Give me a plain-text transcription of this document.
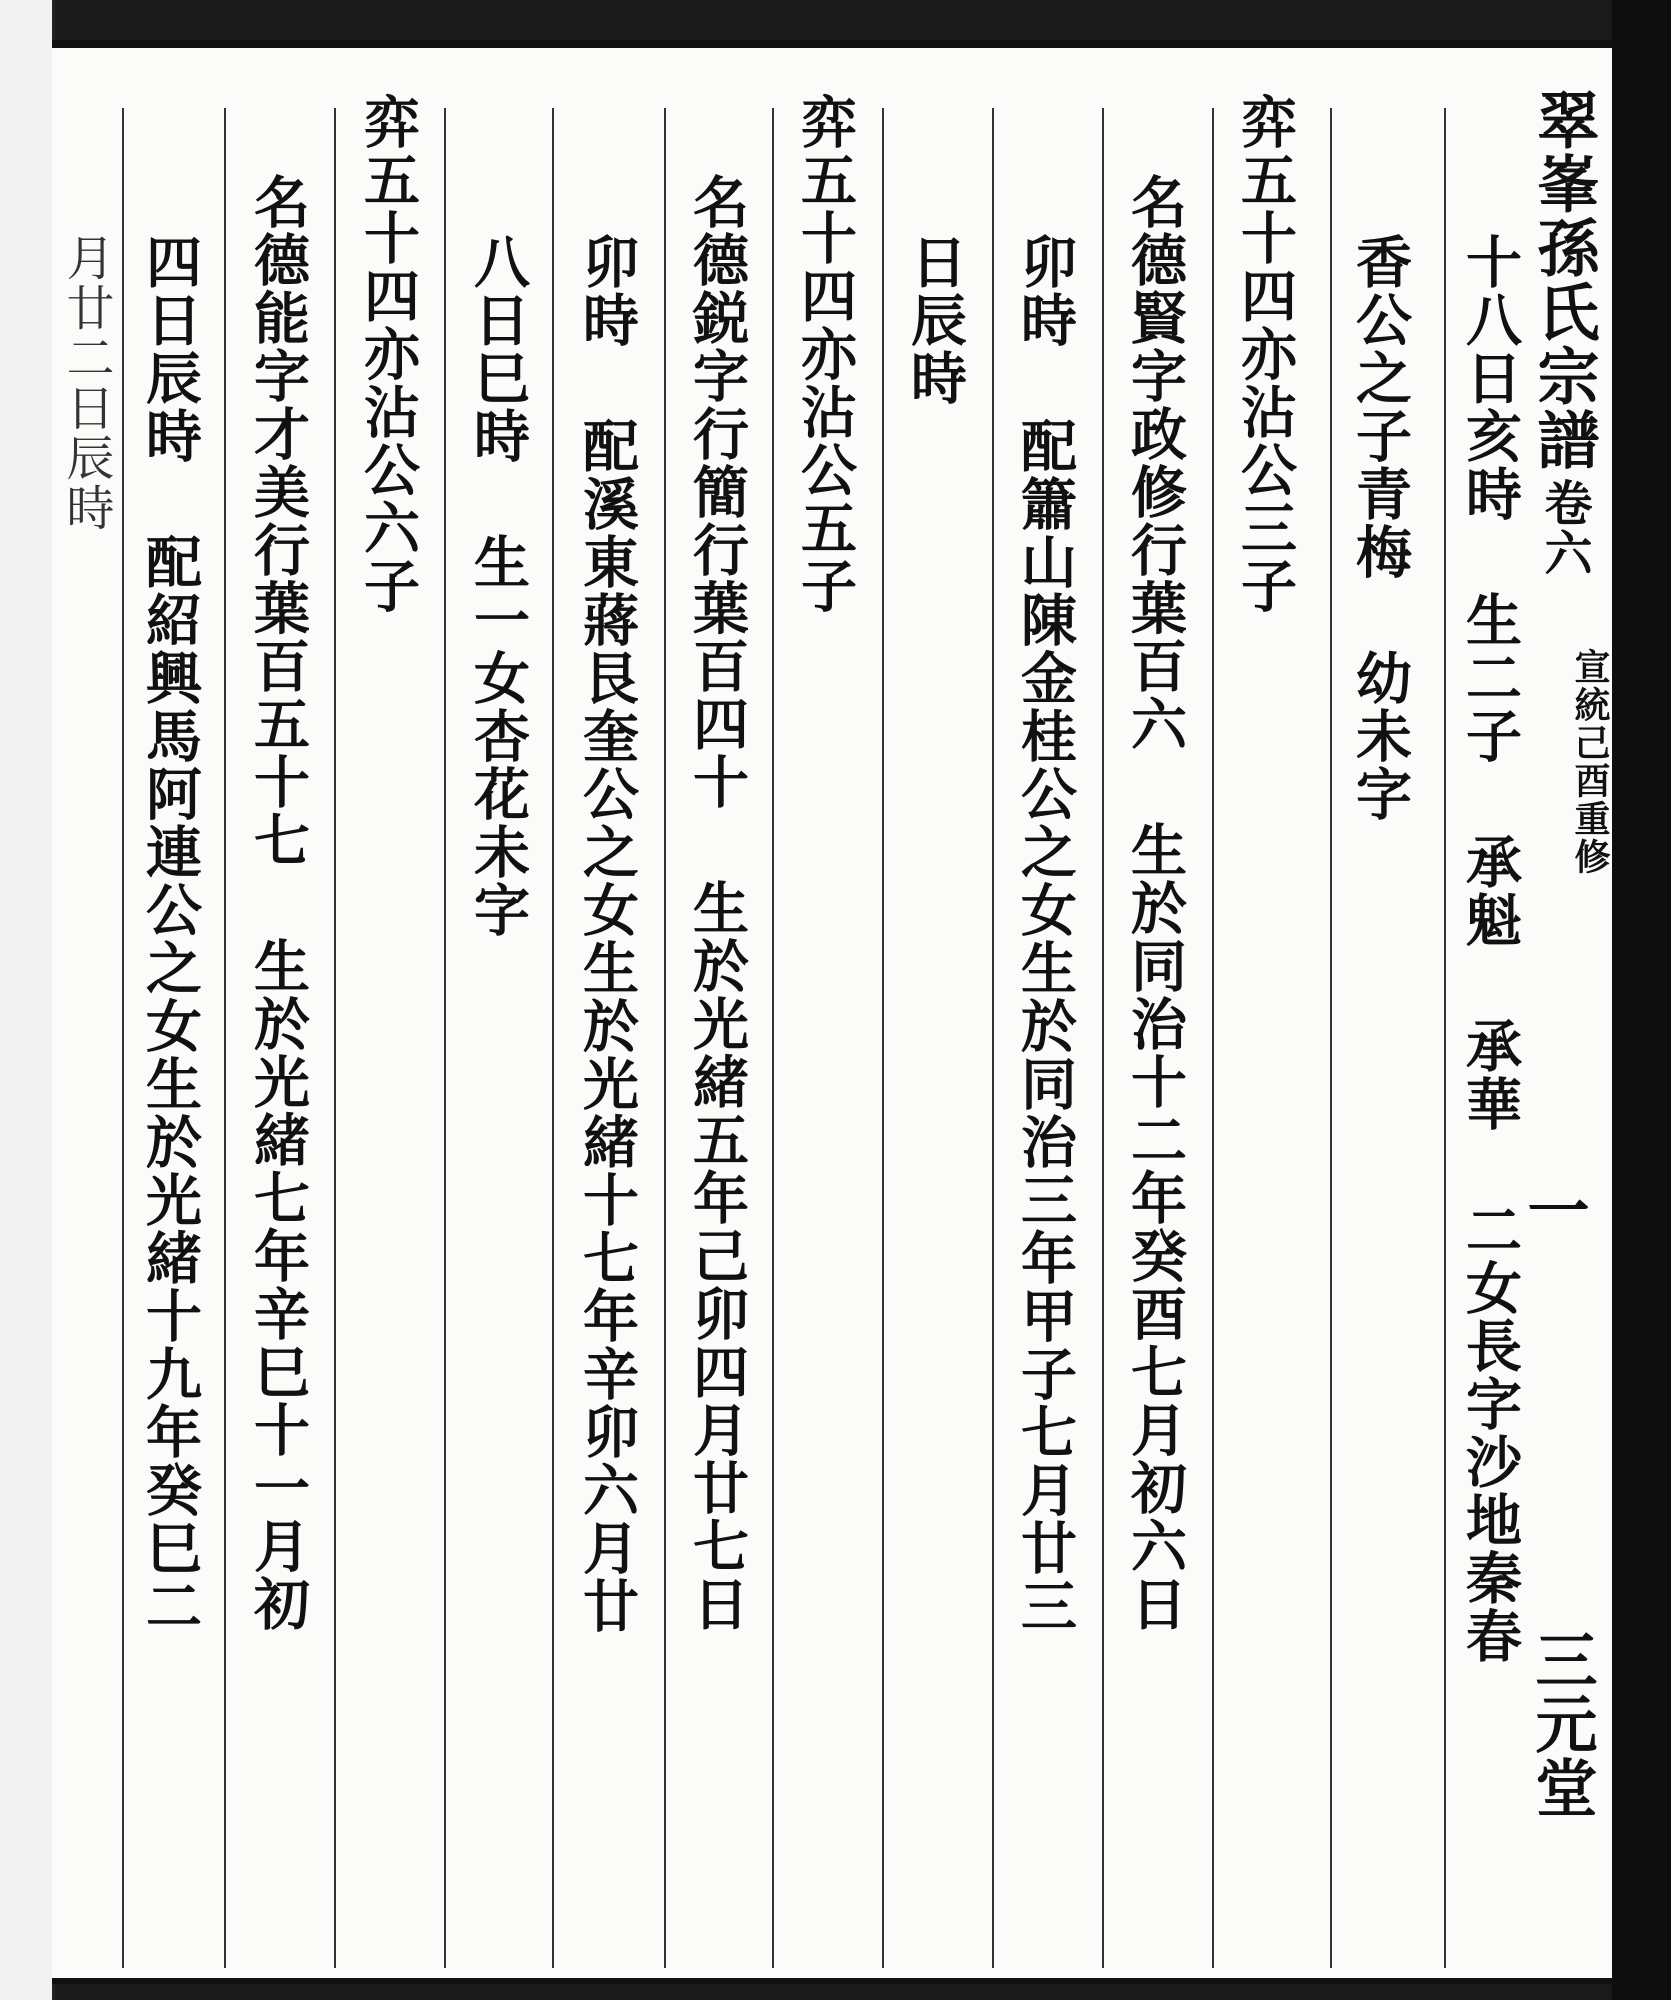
翠峯孫氏宗譜
卷六
宣統己酉重修
一
三元堂
十八日亥時 生二子 承魁 承華 二女長字沙地秦春
香公之子青梅 幼未字
弈五十四亦沾公三子
名德賢字政修行葉百六 生於同治十二年癸酉七月初六日
卯時 配簫山陳金桂公之女生於同治三年甲子七月廿三
日辰時
弈五十四亦沾公五子
名德鋭字行簡行葉百四十 生於光緒五年己卯四月廿七日
卯時 配溪東蔣艮奎公之女生於光緒十七年辛卯六月廿
八日巳時 生一女杏花未字
弈五十四亦沾公六子
名德能字才美行葉百五十七 生於光緒七年辛巳十一月初
四日辰時 配紹興馬阿連公之女生於光緒十九年癸巳二
月廿二日辰時
